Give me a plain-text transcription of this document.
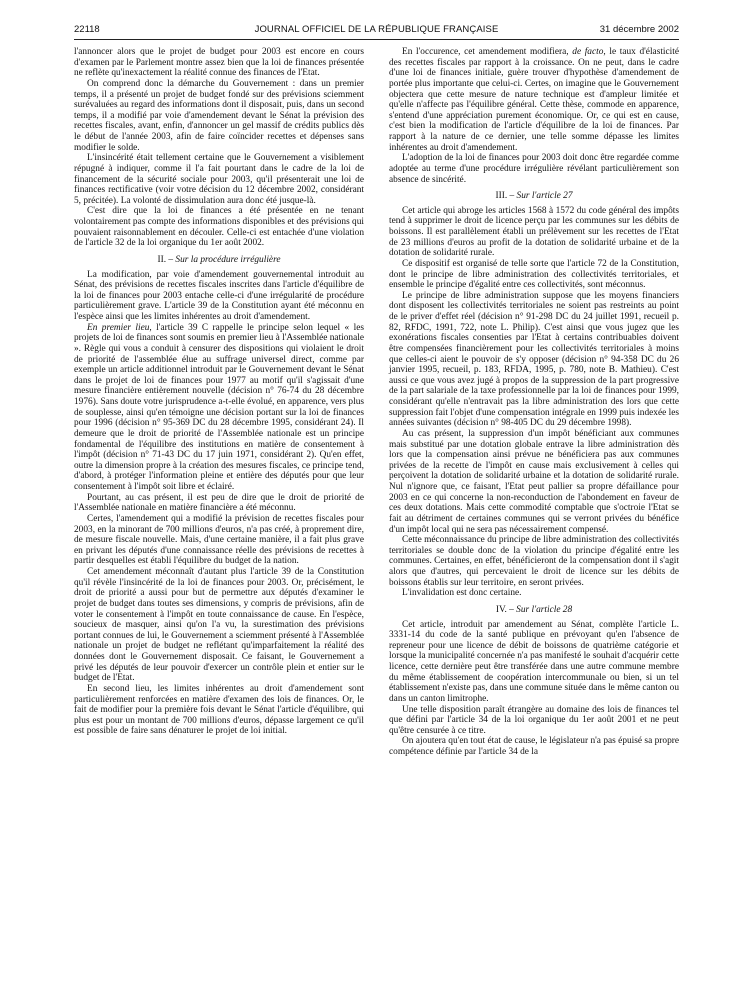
22118	JOURNAL OFFICIEL DE LA RÉPUBLIQUE FRANÇAISE	31 décembre 2002

l'annoncer alors que le projet de budget pour 2003 est encore en cours d'examen par le Parlement montre assez bien que la loi de finances présentée ne reflète qu'inexactement la réalité connue des finances de l'Etat.

On comprend donc la démarche du Gouvernement : dans un premier temps, il a présenté un projet de budget fondé sur des prévisions sciemment surévaluées au regard des informations dont il disposait, puis, dans un second temps, il a modifié par voie d'amendement devant le Sénat la prévision des recettes fiscales, avant, enfin, d'annoncer un gel massif de crédits publics dès le début de l'année 2003, afin de faire coïncider recettes et dépenses sans modifier le solde.

L'insincérité était tellement certaine que le Gouvernement a visiblement répugné à indiquer, comme il l'a fait pourtant dans le cadre de la loi de financement de la sécurité sociale pour 2003, qu'il présenterait une loi de finances rectificative (voir votre décision du 12 décembre 2002, considérant 5, précitée). La volonté de dissimulation aura donc été jusque-là.

C'est dire que la loi de finances a été présentée en ne tenant volontairement pas compte des informations disponibles et des prévisions qui pouvaient raisonnablement en découler. Celle-ci est entachée d'une violation de l'article 32 de la loi organique du 1er août 2002.

II. – Sur la procédure irrégulière

La modification, par voie d'amendement gouvernemental introduit au Sénat, des prévisions de recettes fiscales inscrites dans l'article d'équilibre de la loi de finances pour 2003 entache celle-ci d'une irrégularité de procédure particulièrement grave. L'article 39 de la Constitution ayant été méconnu en l'espèce ainsi que les limites inhérentes au droit d'amendement.

En premier lieu, l'article 39 C rappelle le principe selon lequel « les projets de loi de finances sont soumis en premier lieu à l'Assemblée nationale ». Règle qui vous a conduit à censurer des dispositions qui violaient le droit de priorité de l'assemblée élue au suffrage universel direct, comme par exemple un article additionnel introduit par le Gouvernement devant le Sénat dans le projet de loi de finances pour 1977 au motif qu'il s'agissait d'une mesure financière entièrement nouvelle (décision n° 76-74 du 28 décembre 1976). Sans doute votre jurisprudence a-t-elle évolué, en apparence, vers plus de souplesse, ainsi qu'en témoigne une décision portant sur la loi de finances pour 1996 (décision n° 95-369 DC du 28 décembre 1995, considérant 24). Il demeure que le droit de priorité de l'Assemblée nationale est un principe fondamental de l'équilibre des institutions en matière de consentement à l'impôt (décision n° 71-43 DC du 17 juin 1971, considérant 2). Qu'en effet, outre la dimension propre à la création des mesures fiscales, ce principe tend, d'abord, à protéger l'information pleine et entière des députés pour que leur consentement à l'impôt soit libre et éclairé.

Pourtant, au cas présent, il est peu de dire que le droit de priorité de l'Assemblée nationale en matière financière a été méconnu.

Certes, l'amendement qui a modifié la prévision de recettes fiscales pour 2003, en la minorant de 700 millions d'euros, n'a pas créé, à proprement dire, de mesure fiscale nouvelle. Mais, d'une certaine manière, il a fait plus grave en privant les députés d'une connaissance réelle des prévisions de recettes à partir desquelles est établi l'équilibre du budget de la nation.

Cet amendement méconnaît d'autant plus l'article 39 de la Constitution qu'il révèle l'insincérité de la loi de finances pour 2003. Or, précisément, le droit de priorité a aussi pour but de permettre aux députés d'examiner le projet de budget dans toutes ses dimensions, y compris de prévisions, afin de voter le consentement à l'impôt en toute connaissance de cause. En l'espèce, soucieux de masquer, ainsi qu'on l'a vu, la surestimation des prévisions portant connues de lui, le Gouvernement a sciemment présenté à l'Assemblée nationale un projet de budget ne reflétant qu'imparfaitement la réalité des données dont le Gouvernement disposait. Ce faisant, le Gouvernement a privé les députés de leur pouvoir d'exercer un contrôle plein et entier sur le budget de l'Etat.

En second lieu, les limites inhérentes au droit d'amendement sont particulièrement renforcées en matière d'examen des lois de finances. Or, le fait de modifier pour la première fois devant le Sénat l'article d'équilibre, qui plus est pour un montant de 700 millions d'euros, dépasse largement ce qu'il est possible de faire sans dénaturer le projet de loi initial.

En l'occurence, cet amendement modifiera, de facto, le taux d'élasticité des recettes fiscales par rapport à la croissance. On ne peut, dans le cadre d'une loi de finances initiale, guère trouver d'hypothèse d'amendement de portée plus importante que celui-ci. Certes, on imagine que le Gouvernement objectera que cette mesure de nature technique est d'ampleur limitée et qu'elle n'affecte pas l'équilibre général. Cette thèse, commode en apparence, s'entend d'une appréciation purement économique. Or, ce qui est en cause, c'est bien la modification de l'article d'équilibre de la loi de finances. Par rapport à la nature de ce dernier, une telle somme dépasse les limites inhérentes au droit d'amendement.

L'adoption de la loi de finances pour 2003 doit donc être regardée comme adoptée au terme d'une procédure irrégulière révélant particulièrement son absence de sincérité.

III. – Sur l'article 27

Cet article qui abroge les articles 1568 à 1572 du code général des impôts tend à supprimer le droit de licence perçu par les communes sur les débits de boissons. Il est parallèlement établi un prélèvement sur les recettes de l'Etat de 23 millions d'euros au profit de la dotation de solidarité urbaine et de la dotation de solidarité rurale.

Ce dispositif est organisé de telle sorte que l'article 72 de la Constitution, dont le principe de libre administration des collectivités territoriales, et ensemble le principe d'égalité entre ces collectivités, sont méconnus.

Le principe de libre administration suppose que les moyens financiers dont disposent les collectivités territoriales ne soient pas restreints au point de le priver d'effet réel (décision n° 91-298 DC du 24 juillet 1991, recueil p. 82, RFDC, 1991, 722, note L. Philip). C'est ainsi que vous jugez que les exonérations fiscales consenties par l'Etat à certains contribuables doivent être compensées financièrement pour les collectivités territoriales à moins que celles-ci aient le pouvoir de s'y opposer (décision n° 94-358 DC du 26 janvier 1995, recueil, p. 183, RFDA, 1995, p. 780, note B. Mathieu). C'est aussi ce que vous avez jugé à propos de la suppression de la part progressive de la part salariale de la taxe professionnelle par la loi de finances pour 1999, considérant qu'elle n'entravait pas la libre administration des lors que cette suppression fait l'objet d'une compensation intégrale en 1999 puis indexée les années suivantes (décision n° 98-405 DC du 29 décembre 1998).

Au cas présent, la suppression d'un impôt bénéficiant aux communes mais substitué par une dotation globale entrave la libre administration dès lors que la compensation ainsi prévue ne bénéficiera pas aux communes privées de la recette de l'impôt en cause mais exclusivement à celles qui perçoivent la dotation de solidarité urbaine et la dotation de solidarité rurale. Nul n'ignore que, ce faisant, l'Etat peut pallier sa propre défaillance pour 2003 en ce qui concerne la non-reconduction de l'abondement en faveur de ces deux dotations. Mais cette commodité comptable que s'octroie l'Etat se fait au détriment de certaines communes qui se verront privées du bénéfice d'un impôt local qui ne sera pas nécessairement compensé.

Cette méconnaissance du principe de libre administration des collectivités territoriales se double donc de la violation du principe d'égalité entre les communes. Certaines, en effet, bénéficieront de la compensation dont il s'agit alors que d'autres, qui percevaient le droit de licence sur les débits de boissons établis sur leur territoire, en seront privées.

L'invalidation est donc certaine.

IV. – Sur l'article 28

Cet article, introduit par amendement au Sénat, complète l'article L. 3331-14 du code de la santé publique en prévoyant qu'en l'absence de repreneur pour une licence de débit de boissons de quatrième catégorie et lorsque la municipalité concernée n'a pas manifesté le souhait d'acquérir cette licence, cette dernière peut être transférée dans une autre commune membre du même établissement de coopération intercommunale ou bien, si un tel établissement n'existe pas, dans une commune située dans le même canton ou dans un canton limitrophe.

Une telle disposition paraît étrangère au domaine des lois de finances tel que défini par l'article 34 de la loi organique du 1er août 2001 et ne peut qu'être censurée à ce titre.

On ajoutera qu'en tout état de cause, le législateur n'a pas épuisé sa propre compétence définie par l'article 34 de la
